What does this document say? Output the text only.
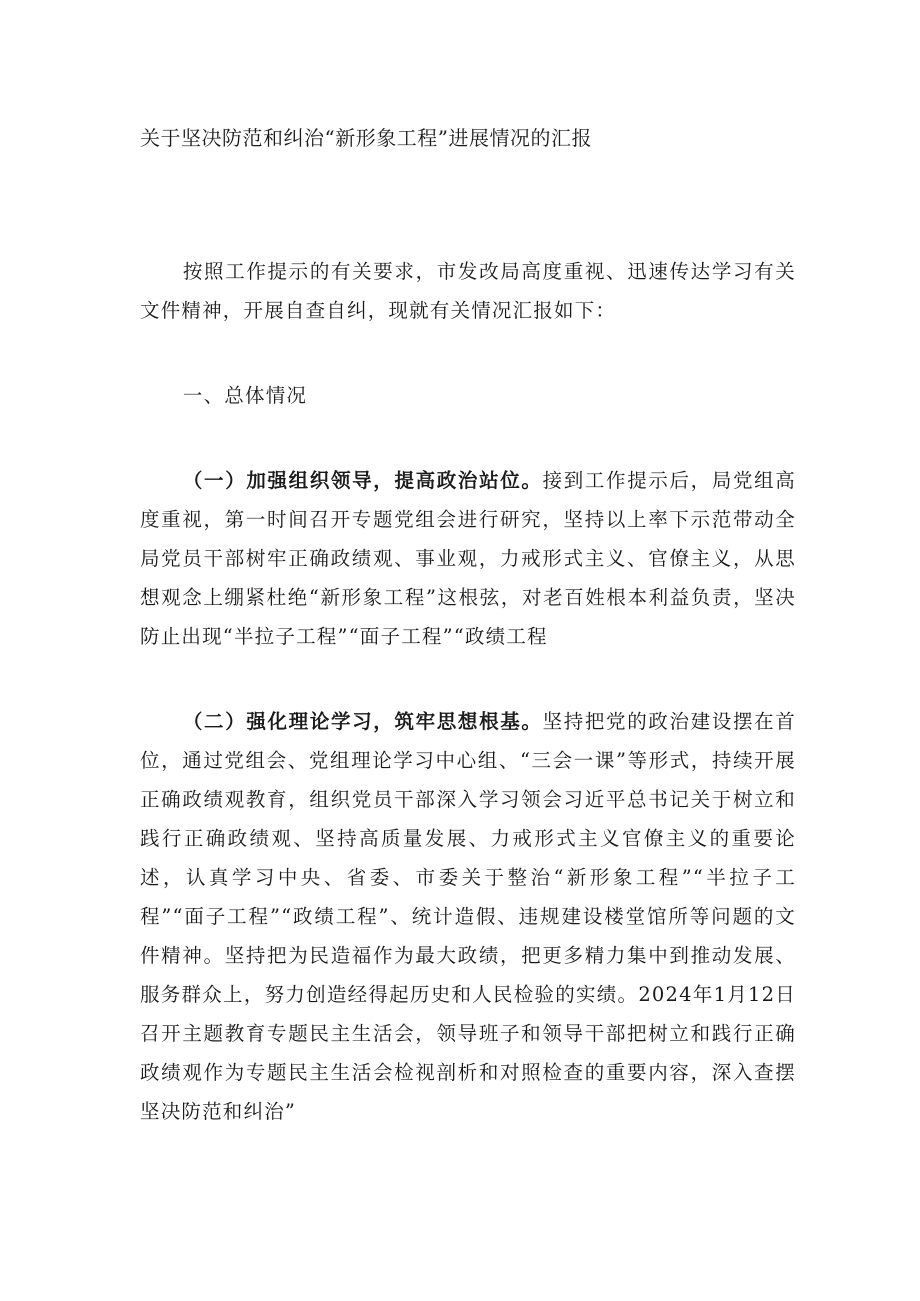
关于坚决防范和纠治“新形象工程”进展情况的汇报

按照工作提示的有关要求，市发改局高度重视、迅速传达学习有关文件精神，开展自查自纠，现就有关情况汇报如下：

一、总体情况

（一）加强组织领导，提高政治站位。接到工作提示后，局党组高度重视，第一时间召开专题党组会进行研究，坚持以上率下示范带动全局党员干部树牢正确政绩观、事业观，力戒形式主义、官僚主义，从思想观念上绷紧杜绝“新形象工程”这根弦，对老百姓根本利益负责，坚决防止出现“半拉子工程”“面子工程”“政绩工程

（二）强化理论学习，筑牢思想根基。坚持把党的政治建设摆在首位，通过党组会、党组理论学习中心组、“三会一课”等形式，持续开展正确政绩观教育，组织党员干部深入学习领会习近平总书记关于树立和践行正确政绩观、坚持高质量发展、力戒形式主义官僚主义的重要论述，认真学习中央、省委、市委关于整治“新形象工程”“半拉子工程”“面子工程”“政绩工程”、统计造假、违规建设楼堂馆所等问题的文件精神。坚持把为民造福作为最大政绩，把更多精力集中到推动发展、服务群众上，努力创造经得起历史和人民检验的实绩。2024年1月12日召开主题教育专题民主生活会，领导班子和领导干部把树立和践行正确政绩观作为专题民主生活会检视剖析和对照检查的重要内容，深入查摆坚决防范和纠治”
